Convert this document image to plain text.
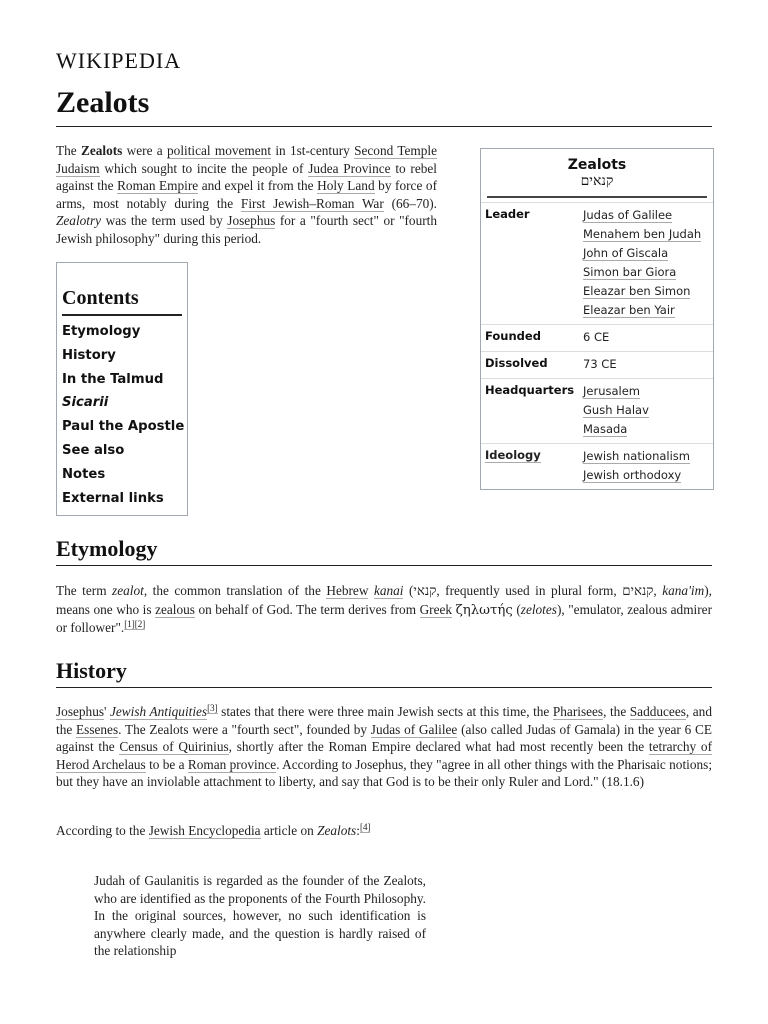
WIKIPEDIA
Zealots

The Zealots were a political movement in 1st-century Second Temple Judaism which sought to incite the people of Judea Province to rebel against the Roman Empire and expel it from the Holy Land by force of arms, most notably during the First Jewish–Roman War (66–70). Zealotry was the term used by Josephus for a "fourth sect" or "fourth Jewish philosophy" during this period.

Zealots
קנאים
Leader	Judas of Galilee
Menahem ben Judah
John of Giscala
Simon bar Giora
Eleazar ben Simon
Eleazar ben Yair
Founded	6 CE
Dissolved	73 CE
Headquarters Jerusalem
Gush Halav
Masada
Ideology	Jewish nationalism
Jewish orthodoxy
Contents
Etymology
History
In the Talmud
Sicarii
Paul the Apostle
See also
Notes
External links
Etymology

The term zealot, the common translation of the Hebrew kanai (קנאי, frequently used in plural form, קנאים, kana'im), means one who is zealous on behalf of God. The term derives from Greek ζηλωτής (zelotes), "emulator, zealous admirer or follower".[1][2]

History

Josephus' Jewish Antiquities[3] states that there were three main Jewish sects at this time, the Pharisees, the Sadducees, and the Essenes. The Zealots were a "fourth sect", founded by Judas of Galilee (also called Judas of Gamala) in the year 6 CE against the Census of Quirinius, shortly after the Roman Empire declared what had most recently been the tetrarchy of Herod Archelaus to be a Roman province. According to Josephus, they "agree in all other things with the Pharisaic notions; but they have an inviolable attachment to liberty, and say that God is to be their only Ruler and Lord." (18.1.6)

According to the Jewish Encyclopedia article on Zealots:[4]

Judah of Gaulanitis is regarded as the founder of the Zealots, who are identified as the proponents of the Fourth Philosophy. In the original sources, however, no such identification is anywhere clearly made, and the question is hardly raised of the relationship
